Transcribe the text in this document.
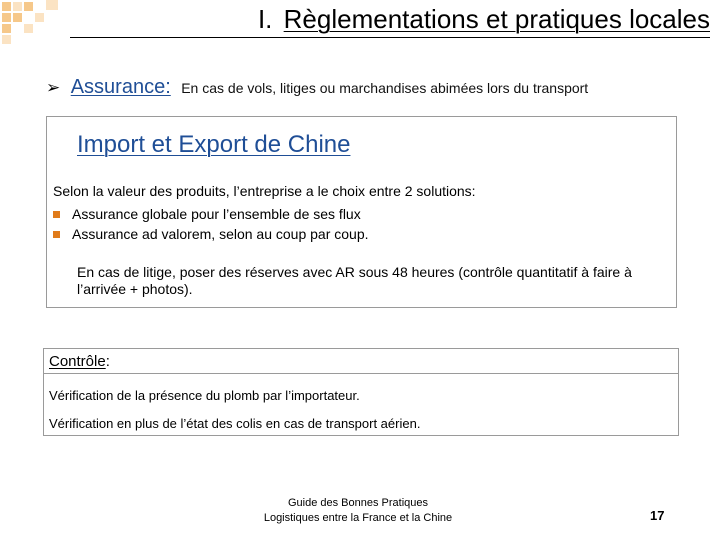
I. Règlementations et pratiques locales
➢ Assurance: En cas de vols, litiges ou marchandises abimées lors du transport
Import et Export de Chine
Selon la valeur des produits, l’entreprise a le choix entre 2 solutions:
Assurance globale pour l’ensemble de ses flux
Assurance ad valorem, selon au coup par coup.
En cas de litige, poser des réserves avec AR sous 48 heures (contrôle quantitatif à faire à l’arrivée + photos).
Contrôle:
Vérification de la présence du plomb par l’importateur.
Vérification en plus de l’état des colis en cas de transport aérien.
Guide des Bonnes Pratiques
Logistiques entre la France et la Chine	17
